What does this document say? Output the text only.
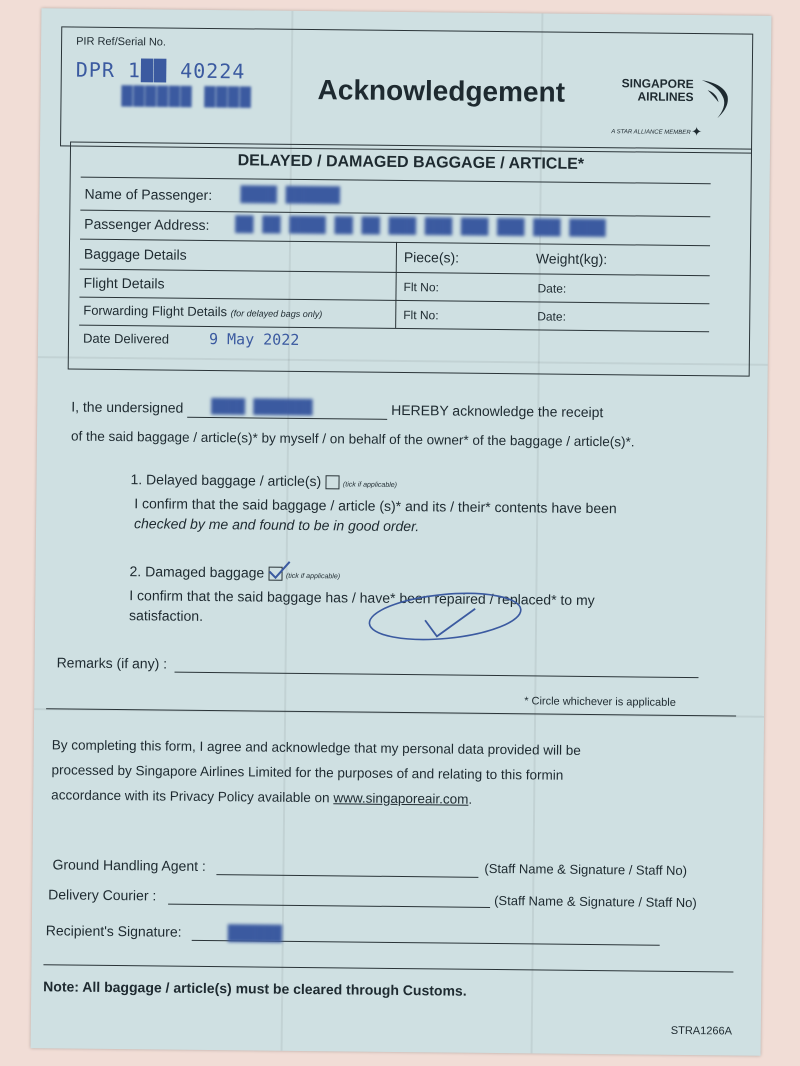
PIR Ref/Serial No.
DPR 1██ 40224
██████ ████ Acknowledgement	SINGAPORE
AIRLINES
A STAR ALLIANCE MEMBER ✦
DELAYED / DAMAGED BAGGAGE / ARTICLE*
Name of Passenger: ████ ██████
Passenger Address: ██ ██ ████ ██ ██ ███ ███ ███ ███ ███ ████
Baggage Details	Piece(s):	Weight(kg):
Flight Details	Flt No:	Date:
Forwarding Flight Details (for delayed bags only)	Flt No:	Date:
Date Delivered	9 May 2022
I, the undersigned ████ ███████	HEREBY acknowledge the receipt
of the said baggage / article(s)* by myself / on behalf of the owner* of the baggage / article(s)*.
1. Delayed baggage / article(s)	(tick if applicable)
I confirm that the said baggage / article (s)* and its / their* contents have been
checked by me and found to be in good order.
2. Damaged baggage	(tick if applicable)
I confirm that the said baggage has / have* been repaired / replaced* to my
satisfaction.
Remarks (if any) :
* Circle whichever is applicable
By completing this form, I agree and acknowledge that my personal data provided will be
processed by Singapore Airlines Limited for the purposes of and relating to this formin
accordance with its Privacy Policy available on www.singaporeair.com.
Ground Handling Agent :	(Staff Name & Signature / Staff No)
Delivery Courier :	(Staff Name & Signature / Staff No)
Recipient's Signature:	██████
Note: All baggage / article(s) must be cleared through Customs.
STRA1266A
